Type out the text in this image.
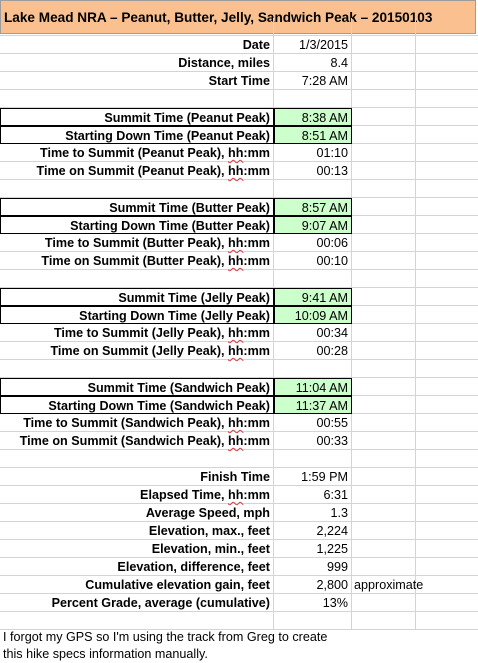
Lake Mead NRA – Peanut, Butter, Jelly, Sandwich Peak – 20150103
Date	1/3/2015
Distance, miles	8.4
Start Time	7:28 AM
Summit Time (Peanut Peak)	8:38 AM
Starting Down Time (Peanut Peak)	8:51 AM
Time to Summit (Peanut Peak), hh:mm	01:10
Time on Summit (Peanut Peak), hh:mm	00:13
Summit Time (Butter Peak)	8:57 AM
Starting Down Time (Butter Peak)	9:07 AM
Time to Summit (Butter Peak), hh:mm	00:06
Time on Summit (Butter Peak), hh:mm	00:10
Summit Time (Jelly Peak)	9:41 AM
Starting Down Time (Jelly Peak)	10:09 AM
Time to Summit (Jelly Peak), hh:mm	00:34
Time on Summit (Jelly Peak), hh:mm	00:28
Summit Time (Sandwich Peak)	11:04 AM
Starting Down Time (Sandwich Peak)	11:37 AM
Time to Summit (Sandwich Peak), hh:mm	00:55
Time on Summit (Sandwich Peak), hh:mm	00:33
Finish Time	1:59 PM
Elapsed Time, hh:mm	6:31
Average Speed, mph	1.3
Elevation, max., feet	2,224
Elevation, min., feet	1,225
Elevation, difference, feet	999
Cumulative elevation gain, feet	2,800 approximate
Percent Grade, average (cumulative)	13%
I forgot my GPS so I'm using the track from Greg to create
this hike specs information manually.
